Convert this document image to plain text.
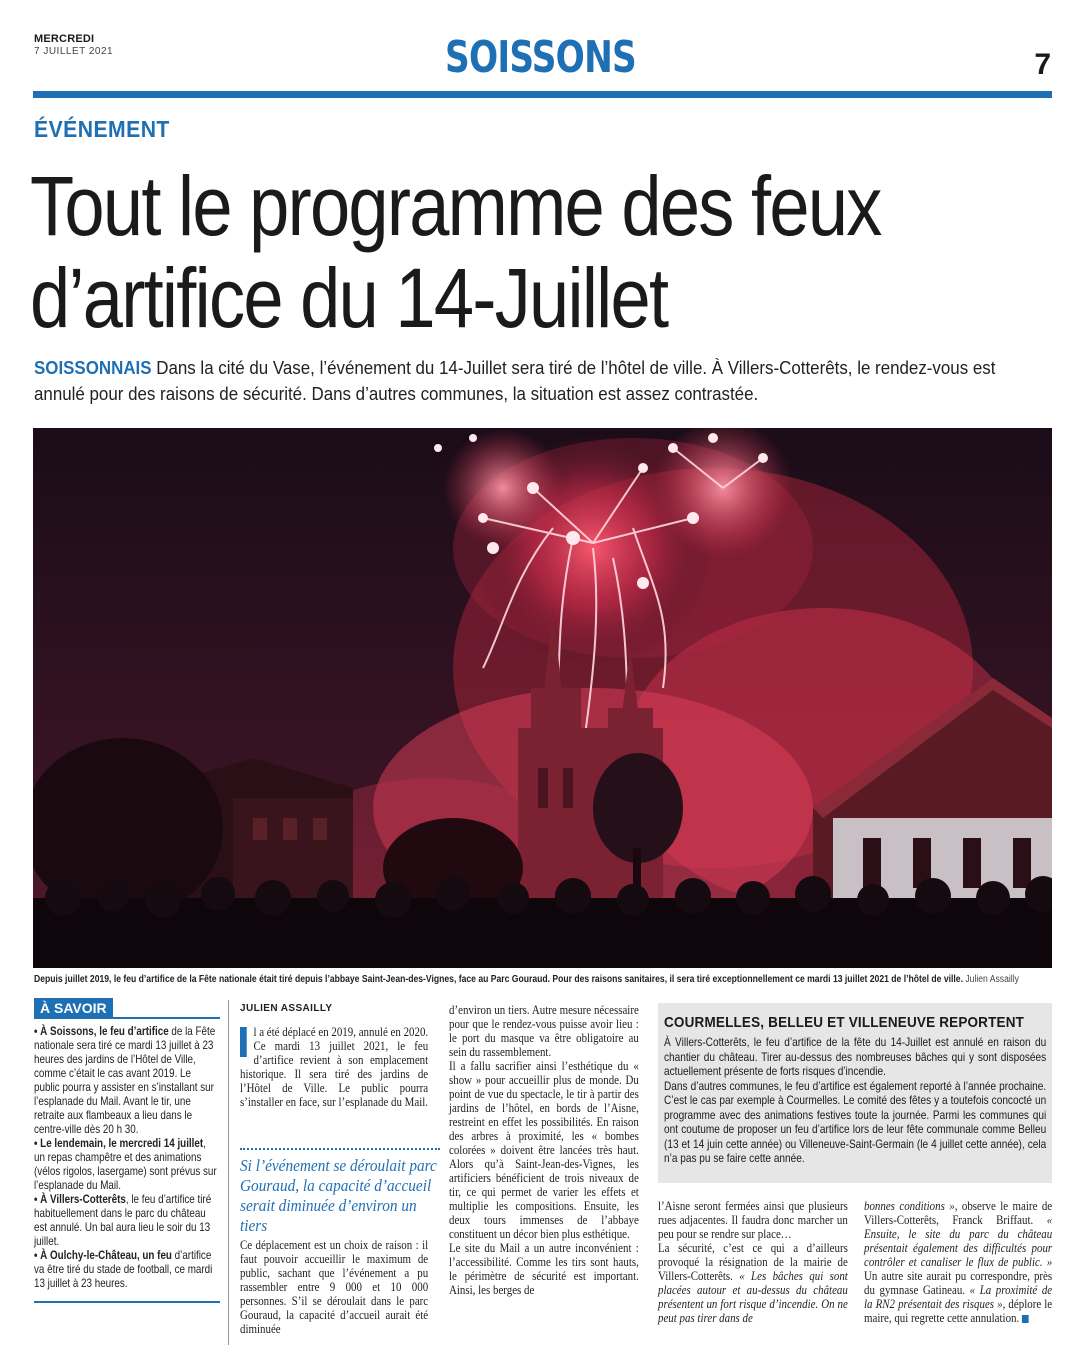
MERCREDI
7 JUILLET 2021	SOISSONS	7
ÉVÉNEMENT
Tout le programme des feux
d’artifice du 14-Juillet
SOISSONNAIS Dans la cité du Vase, l’événement du 14-Juillet sera tiré de l’hôtel de ville. À Villers-Cotterêts, le rendez-vous est annulé pour des raisons de sécurité. Dans d’autres communes, la situation est assez contrastée.
Depuis juillet 2019, le feu d’artifice de la Fête nationale était tiré depuis l’abbaye Saint-Jean-des-Vignes, face au Parc Gouraud. Pour des raisons sanitaires, il sera tiré exceptionnellement ce mardi 13 juillet 2021 de l’hôtel de ville. Julien Assailly
À SAVOIR

• À Soissons, le feu d’artifice de la Fête nationale sera tiré ce mardi 13 juillet à 23 heures des jardins de l’Hôtel de Ville, comme c’était le cas avant 2019. Le public pourra y assister en s’installant sur l’esplanade du Mail. Avant le tir, une retraite aux flambeaux a lieu dans le centre-ville dès 20 h 30.

• Le lendemain, le mercredi 14 juillet, un repas champêtre et des animations (vélos rigolos, lasergame) sont prévus sur l’esplanade du Mail.

• À Villers-Cotterêts, le feu d’artifice tiré habituellement dans le parc du château est annulé. Un bal aura lieu le soir du 13 juillet.

• À Oulchy-le-Château, un feu d’artifice va être tiré du stade de football, ce mardi 13 juillet à 23 heures.

JULIEN ASSAILLY
l a été déplacé en 2019, annulé en 2020. Ce mardi 13 juillet 2021, le feu d’artifice revient à son emplacement historique. Il sera tiré des jardins de l’Hôtel de Ville. Le public pourra s’installer en face, sur l’esplanade du Mail.
Si l’événement se déroulait parc Gouraud, la capacité d’accueil serait diminuée d’environ un tiers
Ce déplacement est un choix de raison : il faut pouvoir accueillir le maximum de public, sachant que l’événement a pu rassembler entre 9 000 et 10 000 personnes. S’il se déroulait dans le parc Gouraud, la capacité d’accueil aurait été diminuée
d’environ un tiers. Autre mesure nécessaire pour que le rendez-vous puisse avoir lieu : le port du masque va être obligatoire au sein du rassemblement.
Il a fallu sacrifier ainsi l’esthétique du « show » pour accueillir plus de monde. Du point de vue du spectacle, le tir à partir des jardins de l’hôtel, en bords de l’Aisne, restreint en effet les possibilités. En raison des arbres à proximité, les « bombes colorées » doivent être lancées très haut. Alors qu’à Saint-Jean-des-Vignes, les artificiers bénéficient de trois niveaux de tir, ce qui permet de varier les effets et multiplie les compositions. Ensuite, les deux tours immenses de l’abbaye constituent un décor bien plus esthétique.
Le site du Mail a un autre inconvénient : l’accessibilité. Comme les tirs sont hauts, le périmètre de sécurité est important. Ainsi, les berges de
COURMELLES, BELLEU ET VILLENEUVE REPORTENT

À Villers-Cotterêts, le feu d’artifice de la fête du 14-Juillet est annulé en raison du chantier du château. Tirer au-dessus des nombreuses bâches qui y sont disposées actuellement présente de forts risques d’incendie.

Dans d’autres communes, le feu d’artifice est également reporté à l’année prochaine. C’est le cas par exemple à Courmelles. Le comité des fêtes y a toutefois concocté un programme avec des animations festives toute la journée. Parmi les communes qui ont coutume de proposer un feu d’artifice lors de leur fête communale comme Belleu (13 et 14 juin cette année) ou Villeneuve-Saint-Germain (le 4 juillet cette année), cela n’a pas pu se faire cette année.

l’Aisne seront fermées ainsi que plusieurs rues adjacentes. Il faudra donc marcher un peu pour se rendre sur place…
La sécurité, c’est ce qui a d’ailleurs provoqué la résignation de la mairie de Villers-Cotterêts. « Les bâches qui sont placées autour et au-dessus du château présentent un fort risque d’incendie. On ne peut pas tirer dans de
bonnes conditions », observe le maire de Villers-Cotterêts, Franck Briffaut. « Ensuite, le site du parc du château présentait également des difficultés pour contrôler et canaliser le flux de public. » Un autre site aurait pu correspondre, près du gymnase Gatineau. « La proximité de la RN2 présentait des risques », déplore le maire, qui regrette cette annulation.
